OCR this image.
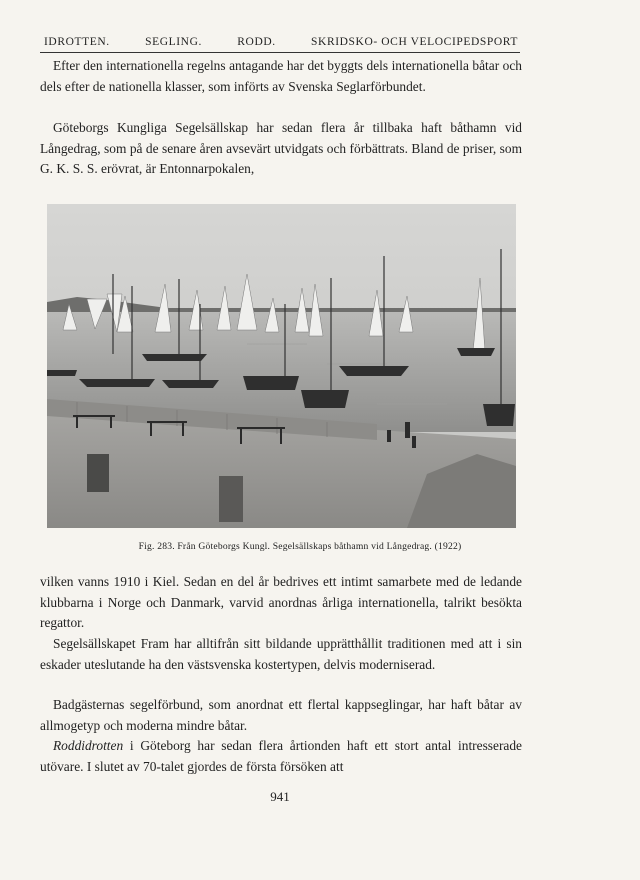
IDROTTEN.	SEGLING.	RODD.	SKRIDSKO- OCH VELOCIPEDSPORT

Efter den internationella regelns antagande har det byggts dels internationella båtar och dels efter de nationella klasser, som införts av Svenska Seglarförbundet.

Göteborgs Kungliga Segelsällskap har sedan flera år tillbaka haft båthamn vid Långedrag, som på de senare åren avsevärt utvidgats och förbättrats. Bland de priser, som G. K. S. S. erövrat, är Entonnarpokalen,

Fig. 283. Från Göteborgs Kungl. Segelsällskaps båthamn vid Långedrag. (1922)

vilken vanns 1910 i Kiel. Sedan en del år bedrives ett intimt samarbete med de ledande klubbarna i Norge och Danmark, varvid anordnas årliga internationella, talrikt besökta regattor.

Segelsällskapet Fram har alltifrån sitt bildande upprätthållit traditionen med att i sin eskader uteslutande ha den västsvenska kostertypen, delvis moderniserad.

Badgästernas segelförbund, som anordnat ett flertal kappseglingar, har haft båtar av allmogetyp och moderna mindre båtar.

Roddidrotten i Göteborg har sedan flera årtionden haft ett stort antal intresserade utövare. I slutet av 70-talet gjordes de första försöken att

941
